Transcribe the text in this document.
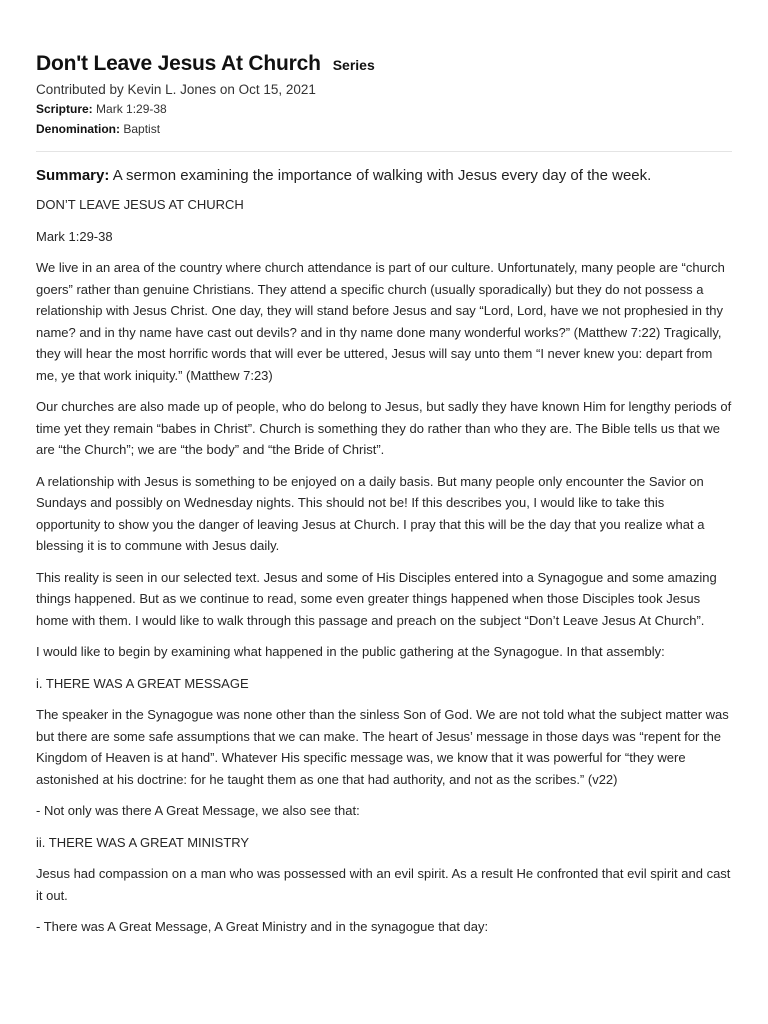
Don't Leave Jesus At Church Series
Contributed by Kevin L. Jones on Oct 15, 2021
Scripture: Mark 1:29-38
Denomination: Baptist
Summary: A sermon examining the importance of walking with Jesus every day of the week.

DON’T LEAVE JESUS AT CHURCH

Mark 1:29-38

We live in an area of the country where church attendance is part of our culture. Unfortunately, many people are “church goers” rather than genuine Christians. They attend a specific church (usually sporadically) but they do not possess a relationship with Jesus Christ. One day, they will stand before Jesus and say “Lord, Lord, have we not prophesied in thy name? and in thy name have cast out devils? and in thy name done many wonderful works?” (Matthew 7:22) Tragically, they will hear the most horrific words that will ever be uttered, Jesus will say unto them “I never knew you: depart from me, ye that work iniquity.” (Matthew 7:23)

Our churches are also made up of people, who do belong to Jesus, but sadly they have known Him for lengthy periods of time yet they remain “babes in Christ”. Church is something they do rather than who they are. The Bible tells us that we are “the Church”; we are “the body” and “the Bride of Christ”.

A relationship with Jesus is something to be enjoyed on a daily basis. But many people only encounter the Savior on Sundays and possibly on Wednesday nights. This should not be! If this describes you, I would like to take this opportunity to show you the danger of leaving Jesus at Church. I pray that this will be the day that you realize what a blessing it is to commune with Jesus daily.

This reality is seen in our selected text. Jesus and some of His Disciples entered into a Synagogue and some amazing things happened. But as we continue to read, some even greater things happened when those Disciples took Jesus home with them. I would like to walk through this passage and preach on the subject “Don’t Leave Jesus At Church”.

I would like to begin by examining what happened in the public gathering at the Synagogue. In that assembly:

i. THERE WAS A GREAT MESSAGE

The speaker in the Synagogue was none other than the sinless Son of God. We are not told what the subject matter was but there are some safe assumptions that we can make. The heart of Jesus’ message in those days was “repent for the Kingdom of Heaven is at hand”. Whatever His specific message was, we know that it was powerful for “they were astonished at his doctrine: for he taught them as one that had authority, and not as the scribes.” (v22)

- Not only was there A Great Message, we also see that:

ii. THERE WAS A GREAT MINISTRY

Jesus had compassion on a man who was possessed with an evil spirit. As a result He confronted that evil spirit and cast it out.

- There was A Great Message, A Great Ministry and in the synagogue that day:
